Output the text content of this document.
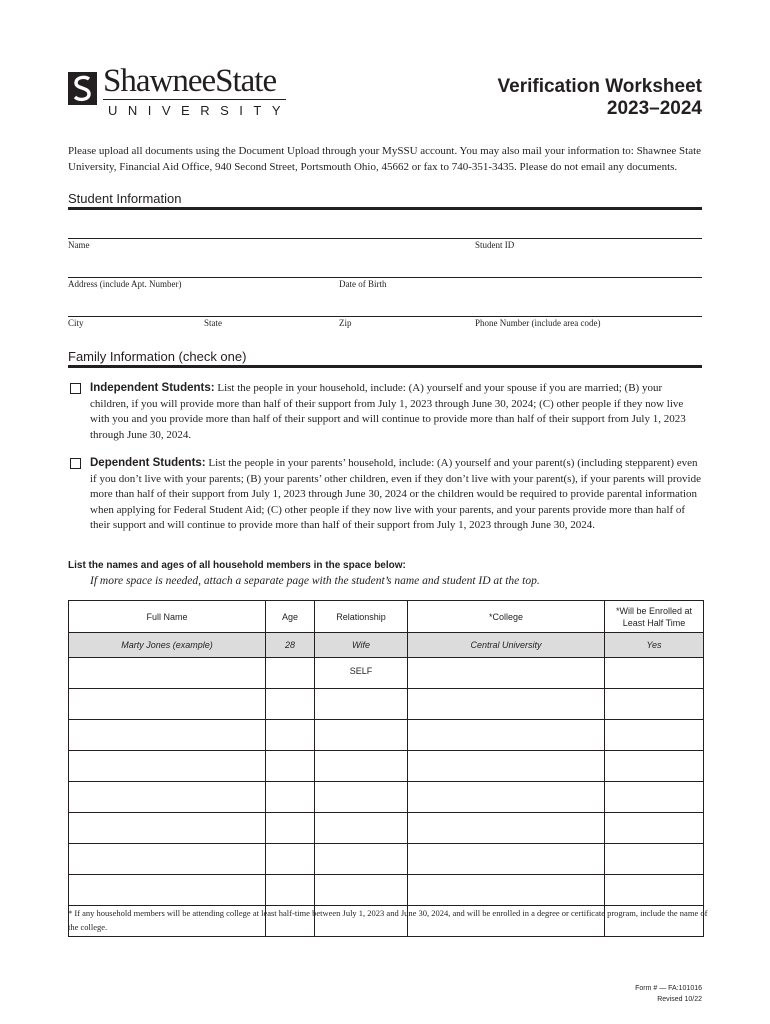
ShawneeState
UNIVERSITY
Verification Worksheet
2023–2024
Please upload all documents using the Document Upload through your MySSU account. You may also mail your information to: Shawnee State University, Financial Aid Office, 940 Second Street, Portsmouth Ohio, 45662 or fax to 740-351-3435. Please do not email any documents.
Student Information
Name	Student ID
Address (include Apt. Number)	Date of Birth
City	State	Zip	Phone Number (include area code)
Family Information (check one)
Independent Students: List the people in your household, include: (A) yourself and your spouse if you are married; (B) your children, if you will provide more than half of their support from July 1, 2023 through June 30, 2024; (C) other people if they now live with you and you provide more than half of their support and will continue to provide more than half of their support from July 1, 2023 through June 30, 2024.
Dependent Students: List the people in your parents’ household, include: (A) yourself and your parent(s) (including stepparent) even if you don’t live with your parents; (B) your parents’ other children, even if they don’t live with your parent(s), if your parents will provide more than half of their support from July 1, 2023 through June 30, 2024 or the children would be required to provide parental information when applying for Federal Student Aid; (C) other people if they now live with your parents, and your parents provide more than half of their support and will continue to provide more than half of their support from July 1, 2023 through June 30, 2024.
List the names and ages of all household members in the space below:
If more space is needed, attach a separate page with the student’s name and student ID at the top.
Full Name	Age	Relationship	*College	*Will be Enrolled at Least Half Time
Marty Jones (example)	28	Wife	Central University	Yes
		SELF		

* If any household members will be attending college at least half-time between July 1, 2023 and June 30, 2024, and will be enrolled in a degree or certificate program, include the name of the college.
Form # — FA:101016
Revised 10/22
